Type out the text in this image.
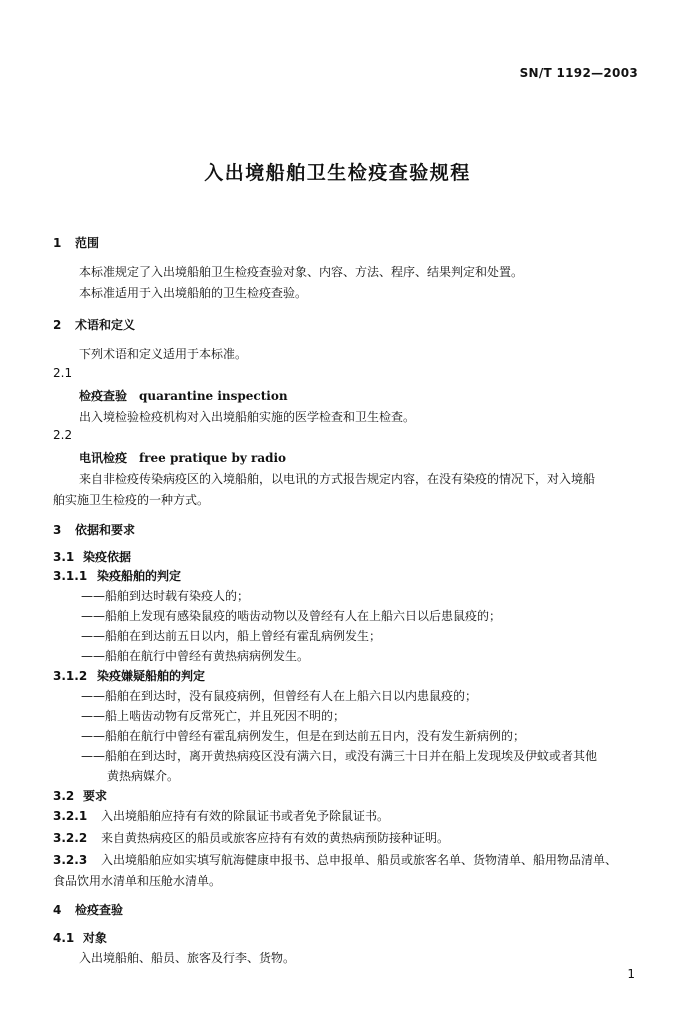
SN/T 1192—2003
入出境船舶卫生检疫查验规程
1 范围
本标准规定了入出境船舶卫生检疫查验对象、内容、方法、程序、结果判定和处置。
本标准适用于入出境船舶的卫生检疫查验。
2 术语和定义
下列术语和定义适用于本标准。
2.1
检疫查验 quarantine inspection
出入境检验检疫机构对入出境船舶实施的医学检查和卫生检查。
2.2
电讯检疫 free pratique by radio
来自非检疫传染病疫区的入境船舶，以电讯的方式报告规定内容，在没有染疫的情况下，对入境船
舶实施卫生检疫的一种方式。
3 依据和要求
3.1 染疫依据
3.1.1 染疫船舶的判定
——船舶到达时载有染疫人的；
——船舶上发现有感染鼠疫的啮齿动物以及曾经有人在上船六日以后患鼠疫的；
——船舶在到达前五日以内，船上曾经有霍乱病例发生；
——船舶在航行中曾经有黄热病病例发生。
3.1.2 染疫嫌疑船舶的判定
——船舶在到达时，没有鼠疫病例，但曾经有人在上船六日以内患鼠疫的；
——船上啮齿动物有反常死亡，并且死因不明的；
——船舶在航行中曾经有霍乱病例发生，但是在到达前五日内，没有发生新病例的；
——船舶在到达时，离开黄热病疫区没有满六日，或没有满三十日并在船上发现埃及伊蚊或者其他
黄热病媒介。
3.2 要求
3.2.1 入出境船舶应持有有效的除鼠证书或者免予除鼠证书。
3.2.2 来自黄热病疫区的船员或旅客应持有有效的黄热病预防接种证明。
3.2.3 入出境船舶应如实填写航海健康申报书、总申报单、船员或旅客名单、货物清单、船用物品清单、
食品饮用水清单和压舱水清单。
4 检疫查验
4.1 对象
入出境船舶、船员、旅客及行李、货物。
1
